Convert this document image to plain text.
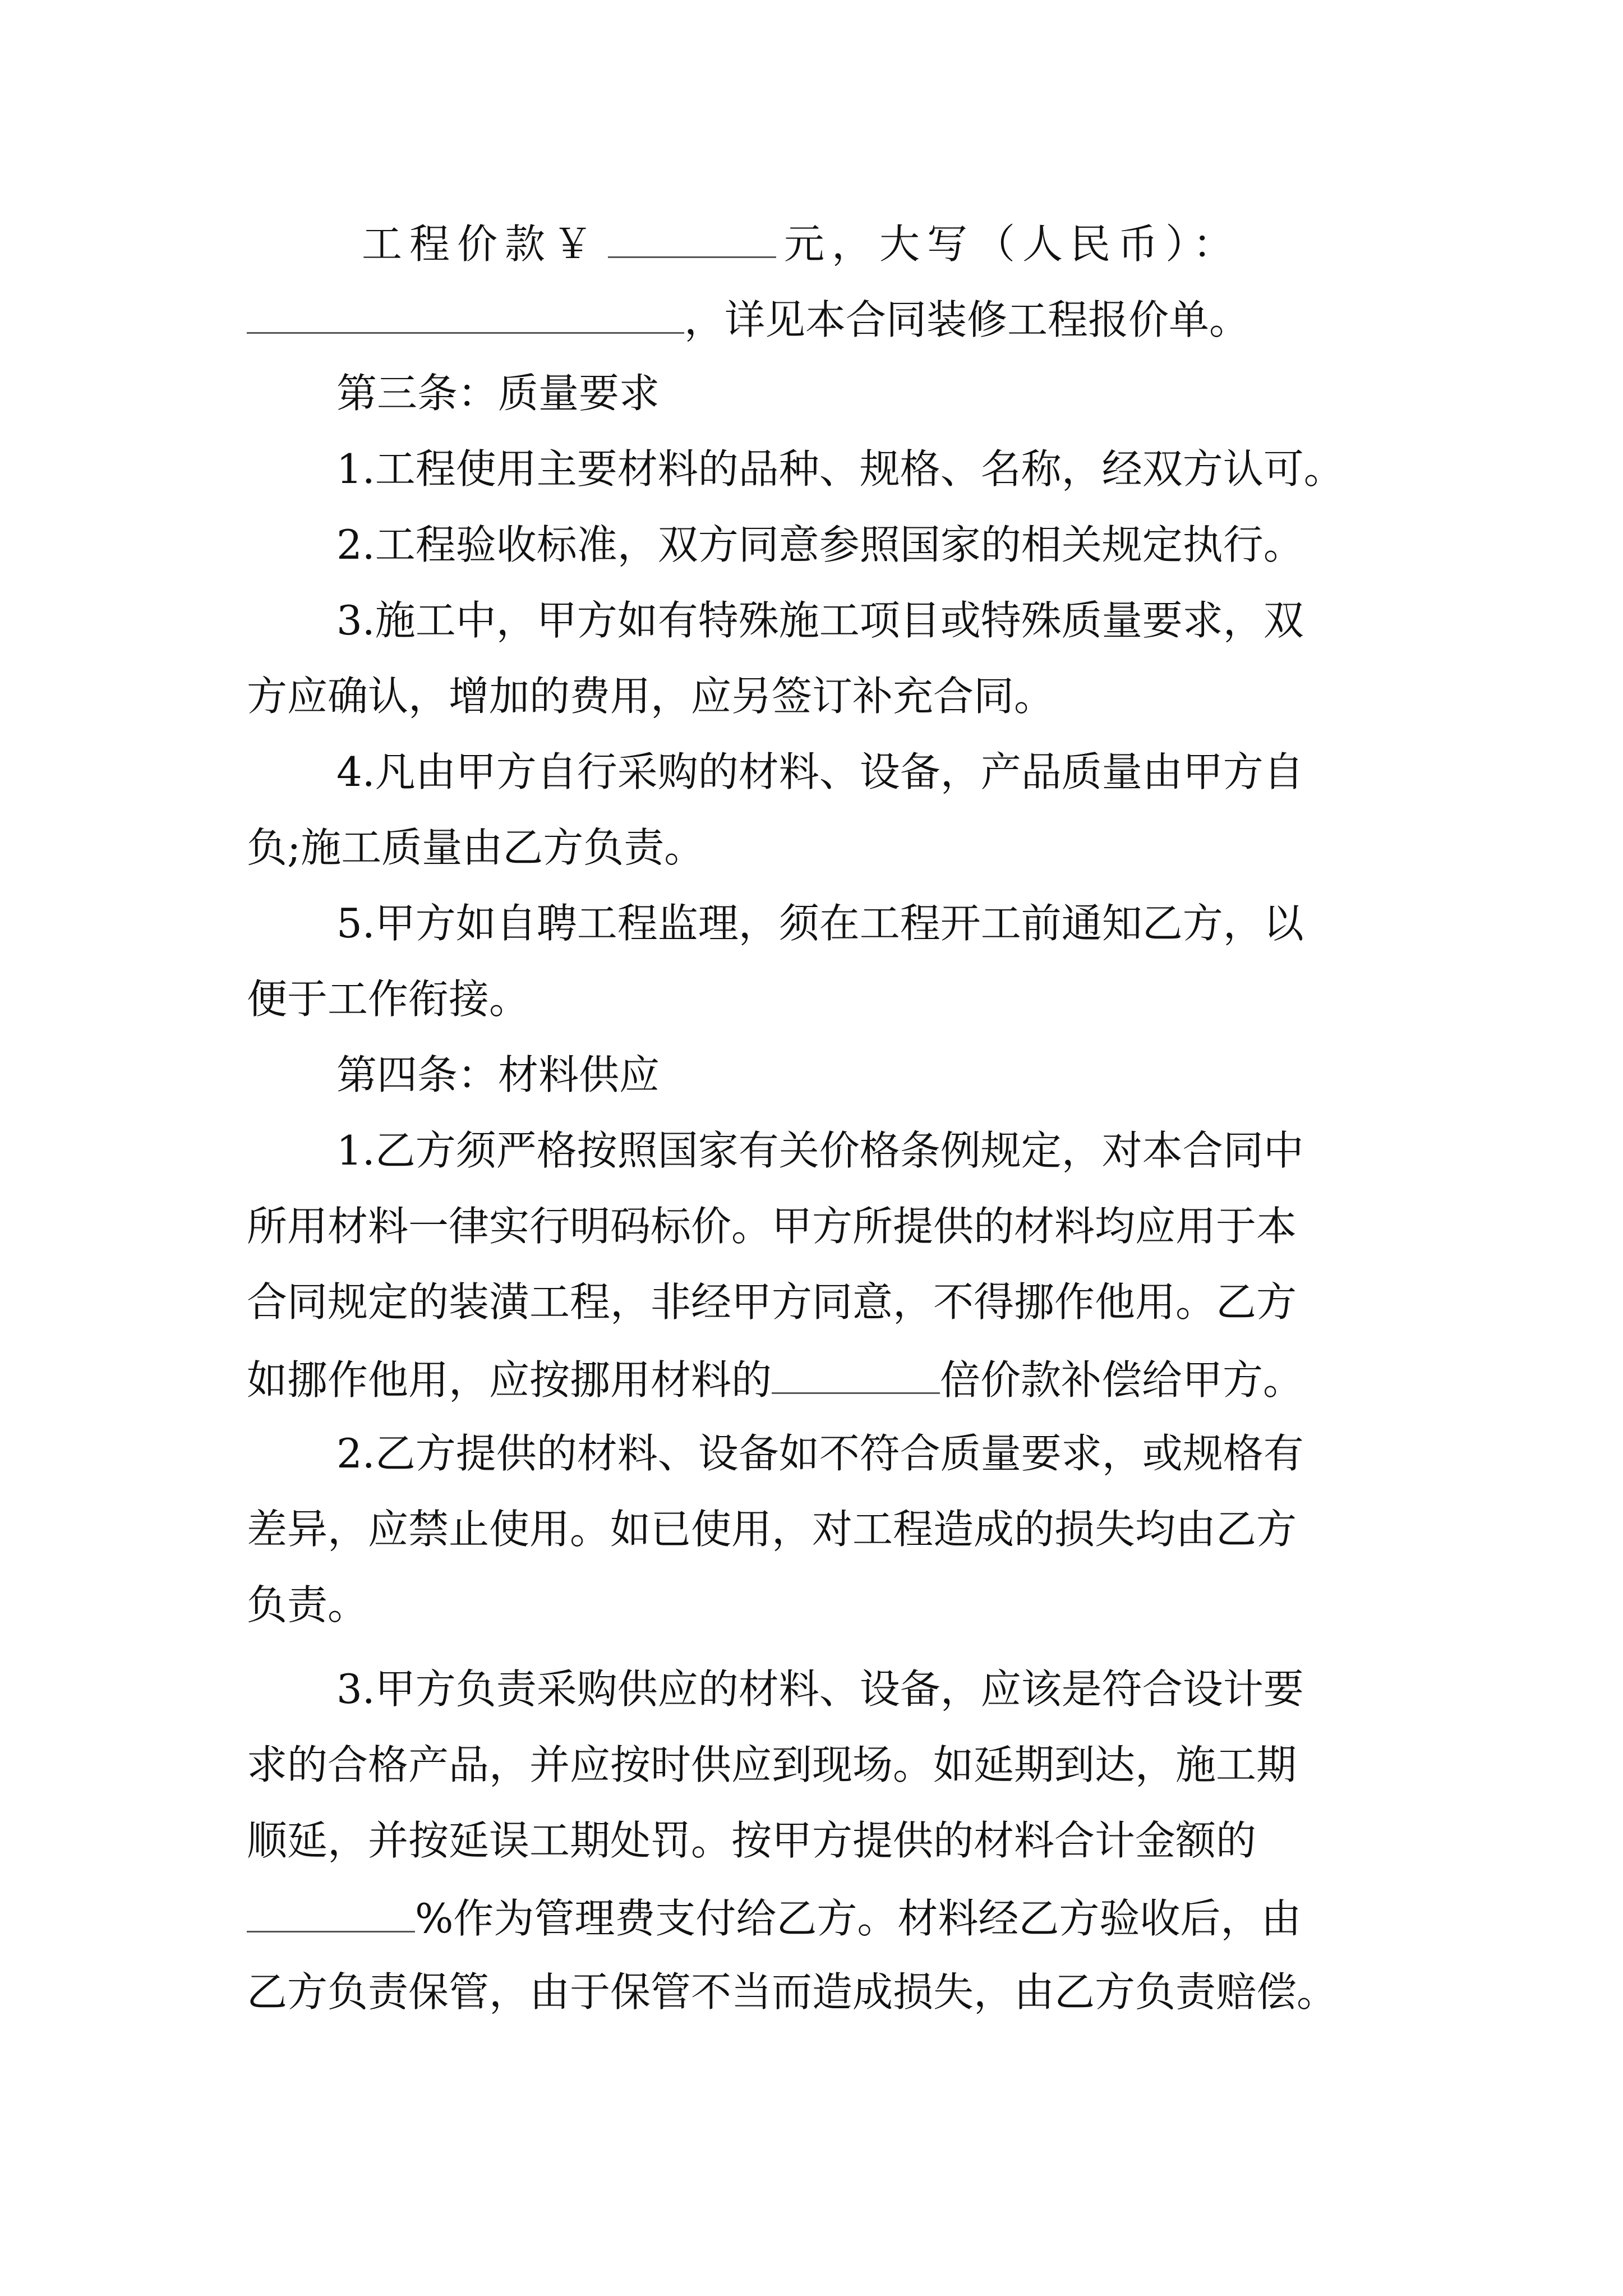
工程价款￥	元，大写（人民币）：
，详见本合同装修工程报价单。
第三条：质量要求
1.工程使用主要材料的品种、规格、名称，经双方认可。
2.工程验收标准，双方同意参照国家的相关规定执行。
3.施工中，甲方如有特殊施工项目或特殊质量要求，双
方应确认，增加的费用，应另签订补充合同。
4.凡由甲方自行采购的材料、设备，产品质量由甲方自
负;施工质量由乙方负责。
5.甲方如自聘工程监理，须在工程开工前通知乙方，以
便于工作衔接。
第四条：材料供应
1.乙方须严格按照国家有关价格条例规定，对本合同中
所用材料一律实行明码标价。甲方所提供的材料均应用于本
合同规定的装潢工程，非经甲方同意，不得挪作他用。乙方
如挪作他用，应按挪用材料的	倍价款补偿给甲方。
2.乙方提供的材料、设备如不符合质量要求，或规格有
差异，应禁止使用。如已使用，对工程造成的损失均由乙方
负责。
3.甲方负责采购供应的材料、设备，应该是符合设计要
求的合格产品，并应按时供应到现场。如延期到达，施工期
顺延，并按延误工期处罚。按甲方提供的材料合计金额的
%作为管理费支付给乙方。材料经乙方验收后，由
乙方负责保管，由于保管不当而造成损失，由乙方负责赔偿。
